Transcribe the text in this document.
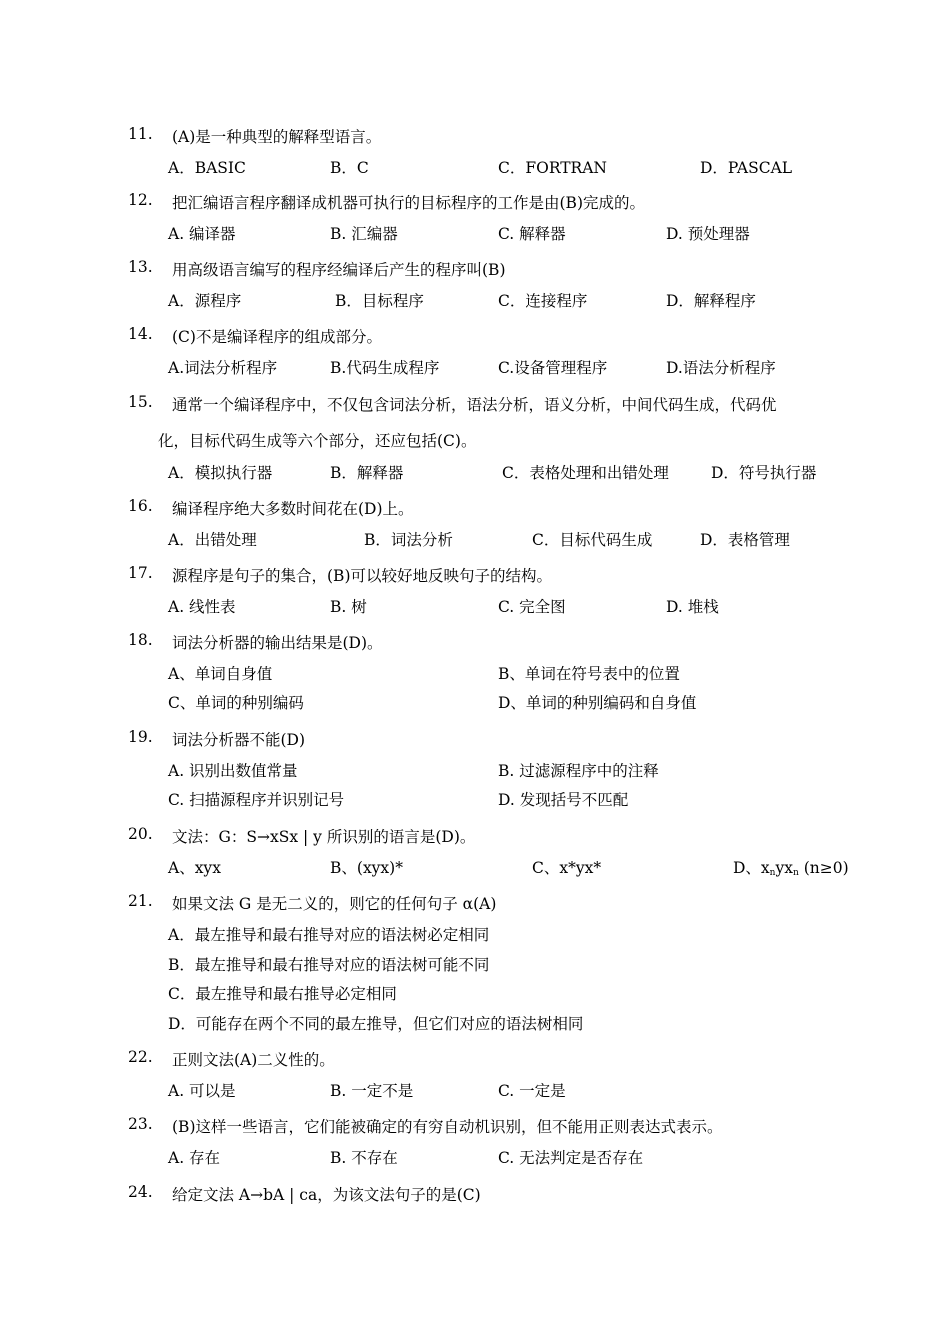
11. (A)是一种典型的解释型语言。
A．BASIC	B．C	C．FORTRAN	D．PASCAL
12. 把汇编语言程序翻译成机器可执行的目标程序的工作是由(B)完成的。
A. 编译器	B. 汇编器	C. 解释器	D. 预处理器
13. 用高级语言编写的程序经编译后产生的程序叫(B)
A．源程序	B．目标程序	C．连接程序	D．解释程序
14. (C)不是编译程序的组成部分。
A.词法分析程序	B.代码生成程序	C.设备管理程序	D.语法分析程序
15. 通常一个编译程序中，不仅包含词法分析，语法分析，语义分析，中间代码生成，代码优
化，目标代码生成等六个部分，还应包括(C)。
A．模拟执行器	B．解释器	C．表格处理和出错处理	D．符号执行器
16. 编译程序绝大多数时间花在(D)上。
A．出错处理	B．词法分析	C．目标代码生成	D．表格管理
17. 源程序是句子的集合，(B)可以较好地反映句子的结构。
A. 线性表	B. 树	C. 完全图	D. 堆栈
18. 词法分析器的输出结果是(D)。
A、单词自身值	B、单词在符号表中的位置
C、单词的种别编码	D、单词的种别编码和自身值
19. 词法分析器不能(D)
A. 识别出数值常量	B. 过滤源程序中的注释
C. 扫描源程序并识别记号	D. 发现括号不匹配
20. 文法：G：S→xSx | y 所识别的语言是(D)。
A、xyx	B、(xyx)*	C、x*yx*	D、$x_nyx_n$ (n≥0)
21. 如果文法 G 是无二义的，则它的任何句子 α(A)
A．最左推导和最右推导对应的语法树必定相同
B．最左推导和最右推导对应的语法树可能不同
C．最左推导和最右推导必定相同
D．可能存在两个不同的最左推导，但它们对应的语法树相同
22. 正则文法(A)二义性的。
A. 可以是	B. 一定不是	C. 一定是
23. (B)这样一些语言，它们能被确定的有穷自动机识别，但不能用正则表达式表示。
A. 存在	B. 不存在	C. 无法判定是否存在
24. 给定文法 A→bA | ca，为该文法句子的是(C)
